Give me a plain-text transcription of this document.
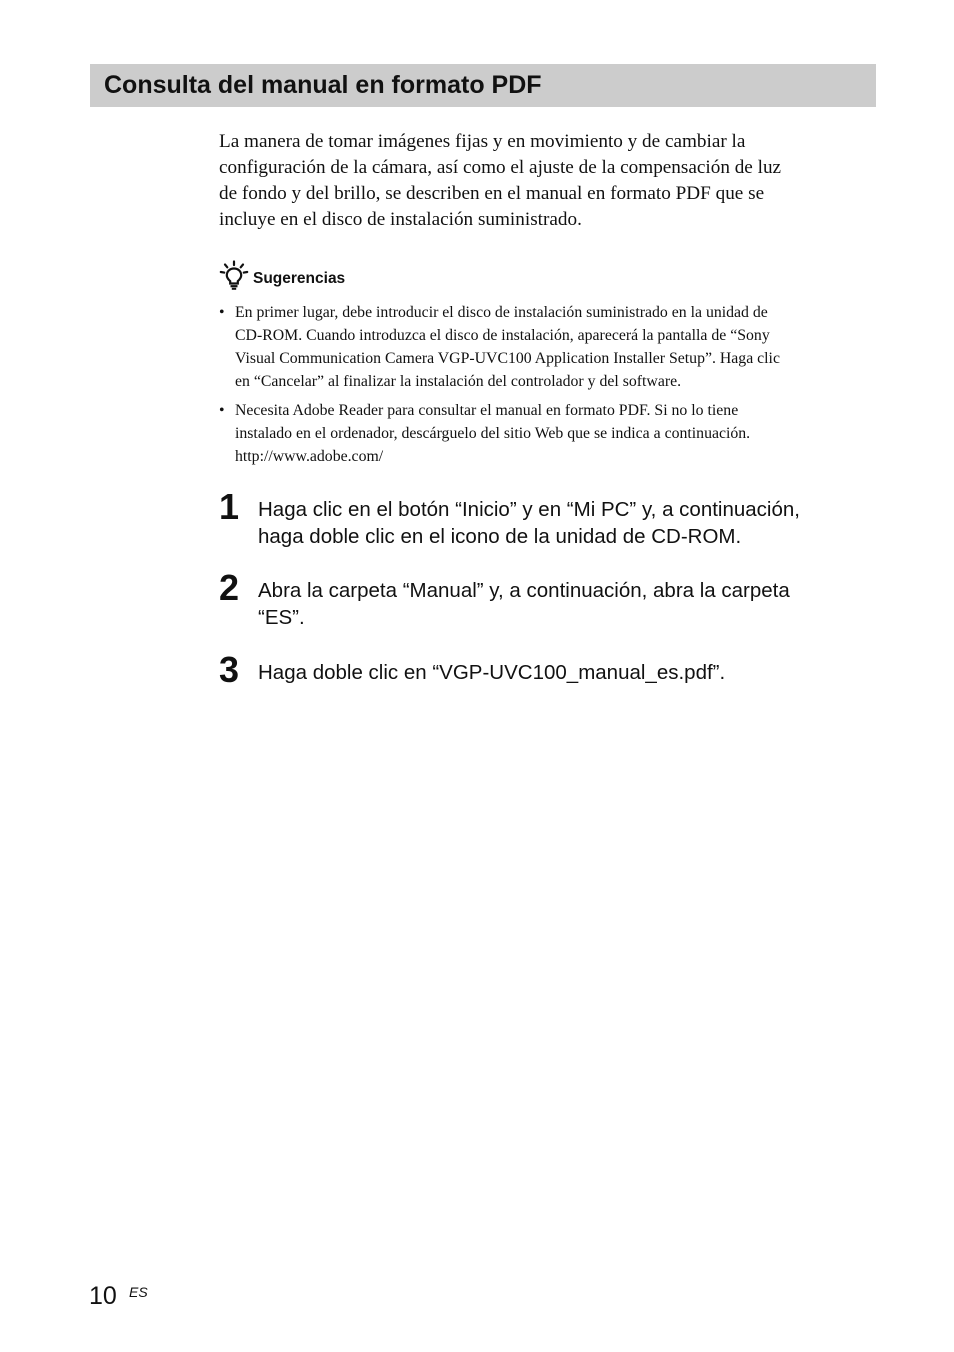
Consulta del manual en formato PDF

La manera de tomar imágenes fijas y en movimiento y de cambiar la
configuración de la cámara, así como el ajuste de la compensación de luz
de fondo y del brillo, se describen en el manual en formato PDF que se
incluye en el disco de instalación suministrado.

Sugerencias
• En primer lugar, debe introducir el disco de instalación suministrado en la unidad de
CD-ROM. Cuando introduzca el disco de instalación, aparecerá la pantalla de “Sony
Visual Communication Camera VGP-UVC100 Application Installer Setup”. Haga clic
en “Cancelar” al finalizar la instalación del controlador y del software.
• Necesita Adobe Reader para consultar el manual en formato PDF. Si no lo tiene
instalado en el ordenador, descárguelo del sitio Web que se indica a continuación.
http://www.adobe.com/
1 Haga clic en el botón “Inicio” y en “Mi PC” y, a continuación,
haga doble clic en el icono de la unidad de CD-ROM.
2 Abra la carpeta “Manual” y, a continuación, abra la carpeta
“ES”.
3 Haga doble clic en “VGP-UVC100_manual_es.pdf”.
10 ES
